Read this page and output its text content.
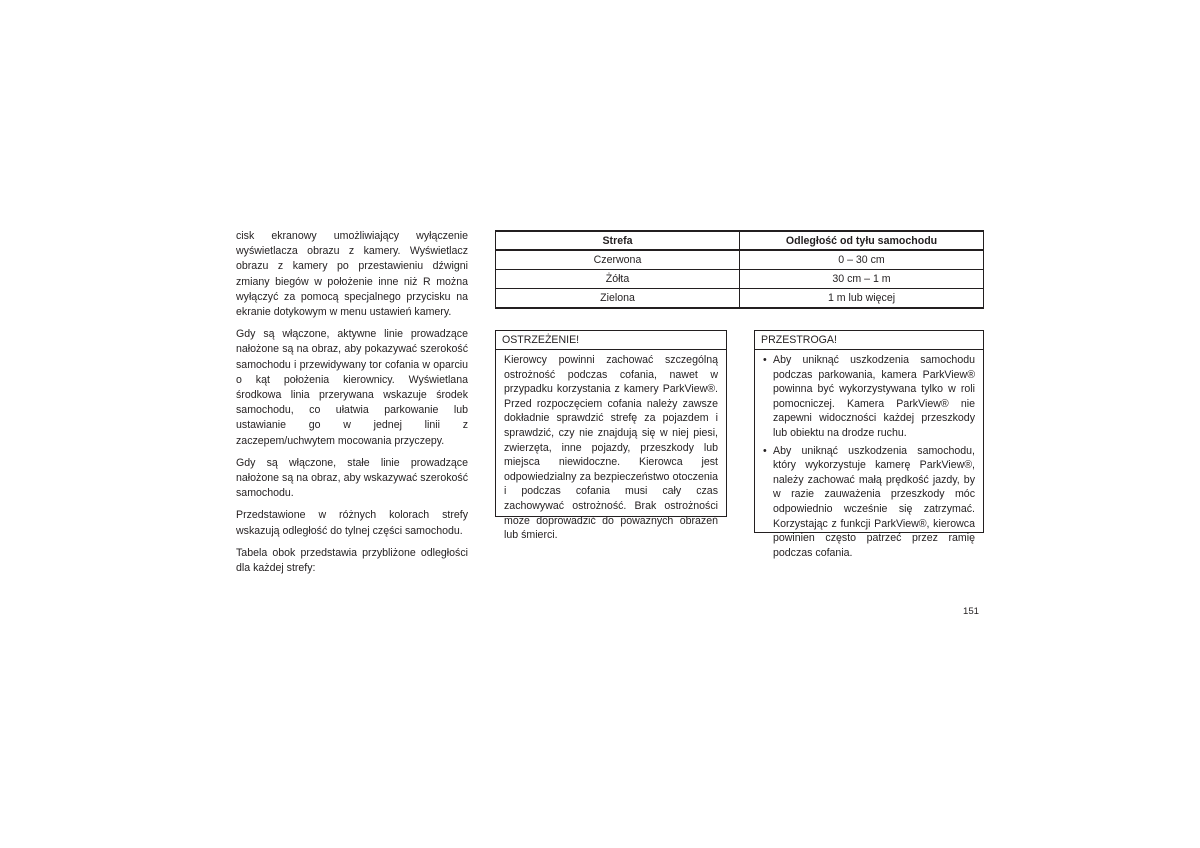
cisk ekranowy umożliwiający wyłączenie wyświetlacza obrazu z kamery. Wyświetlacz obrazu z kamery po przestawieniu dźwigni zmiany biegów w położenie inne niż R można wyłączyć za pomocą specjalnego przycisku na ekranie dotykowym w menu ustawień kamery.

Gdy są włączone, aktywne linie prowadzące nałożone są na obraz, aby pokazywać szerokość samochodu i przewidywany tor cofania w oparciu o kąt położenia kierownicy. Wyświetlana środkowa linia przerywana wskazuje środek samochodu, co ułatwia parkowanie lub ustawianie go w jednej linii z zaczepem/uchwytem mocowania przyczepy.

Gdy są włączone, stałe linie prowadzące nałożone są na obraz, aby wskazywać szerokość samochodu.

Przedstawione w różnych kolorach strefy wskazują odległość do tylnej części samochodu.

Tabela obok przedstawia przybliżone odległości dla każdej strefy:

Strefa	Odległość od tyłu samochodu
Czerwona	0 – 30 cm
Żółta	30 cm – 1 m
Zielona	1 m lub więcej
OSTRZEŻENIE!
Kierowcy powinni zachować szczególną ostrożność podczas cofania, nawet w przypadku korzystania z kamery ParkView®. Przed rozpoczęciem cofania należy zawsze dokładnie sprawdzić strefę za pojazdem i sprawdzić, czy nie znajdują się w niej piesi, zwierzęta, inne pojazdy, przeszkody lub miejsca niewidoczne. Kierowca jest odpowiedzialny za bezpieczeństwo otoczenia i podczas cofania musi cały czas zachowywać ostrożność. Brak ostrożności może doprowadzić do poważnych obrażeń lub śmierci.
PRZESTROGA!
• Aby uniknąć uszkodzenia samochodu podczas parkowania, kamera ParkView® powinna być wykorzystywana tylko w roli pomocniczej. Kamera ParkView® nie zapewni widoczności każdej przeszkody lub obiektu na drodze ruchu.
• Aby uniknąć uszkodzenia samochodu, który wykorzystuje kamerę ParkView®, należy zachować małą prędkość jazdy, by w razie zauważenia przeszkody móc odpowiednio wcześnie się zatrzymać. Korzystając z funkcji ParkView®, kierowca powinien często patrzeć przez ramię podczas cofania.
151
